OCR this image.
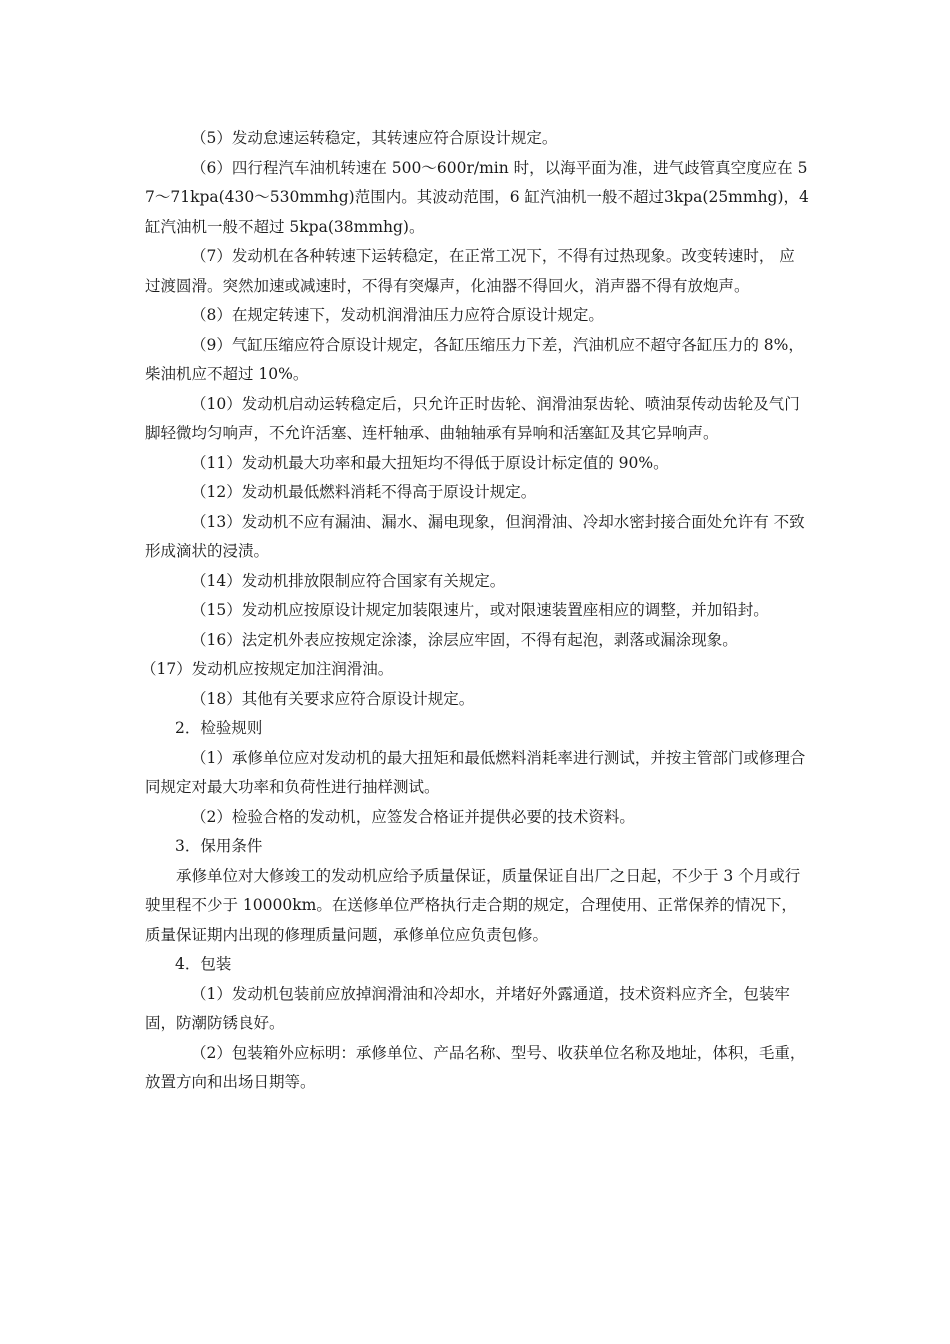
（5）发动怠速运转稳定，其转速应符合原设计规定。

（6）四行程汽车油机转速在 500～600r/min 时，以海平面为准，进气歧管真空度应在 57～71kpa(430～530mmhg)范围内。其波动范围，6 缸汽油机一般不超过3kpa(25mmhg)，4 缸汽油机一般不超过 5kpa(38mmhg)。

（7）发动机在各种转速下运转稳定，在正常工况下，不得有过热现象。改变转速时， 应过渡圆滑。突然加速或减速时，不得有突爆声，化油器不得回火，消声器不得有放炮声。

（8）在规定转速下，发动机润滑油压力应符合原设计规定。

（9）气缸压缩应符合原设计规定，各缸压缩压力下差，汽油机应不超守各缸压力的 8%，柴油机应不超过 10%。

（10）发动机启动运转稳定后，只允许正时齿轮、润滑油泵齿轮、喷油泵传动齿轮及气门脚轻微均匀响声，不允许活塞、连杆轴承、曲轴轴承有异响和活塞缸及其它异响声。

（11）发动机最大功率和最大扭矩均不得低于原设计标定值的 90%。

（12）发动机最低燃料消耗不得高于原设计规定。

（13）发动机不应有漏油、漏水、漏电现象，但润滑油、冷却水密封接合面处允许有 不致形成滴状的浸渍。

（14）发动机排放限制应符合国家有关规定。

（15）发动机应按原设计规定加装限速片，或对限速装置座相应的调整，并加铅封。

（16）法定机外表应按规定涂漆，涂层应牢固，不得有起泡，剥落或漏涂现象。

（17）发动机应按规定加注润滑油。

（18）其他有关要求应符合原设计规定。

2．检验规则

（1）承修单位应对发动机的最大扭矩和最低燃料消耗率进行测试，并按主管部门或修理合同规定对最大功率和负荷性进行抽样测试。

（2）检验合格的发动机，应签发合格证并提供必要的技术资料。

3．保用条件

承修单位对大修竣工的发动机应给予质量保证，质量保证自出厂之日起，不少于 3 个月或行驶里程不少于 10000km。在送修单位严格执行走合期的规定，合理使用、正常保养的情况下，质量保证期内出现的修理质量问题，承修单位应负责包修。

4．包装

（1）发动机包装前应放掉润滑油和冷却水，并堵好外露通道，技术资料应齐全，包装牢固，防潮防锈良好。

（2）包装箱外应标明：承修单位、产品名称、型号、收获单位名称及地址，体积，毛重，放置方向和出场日期等。
